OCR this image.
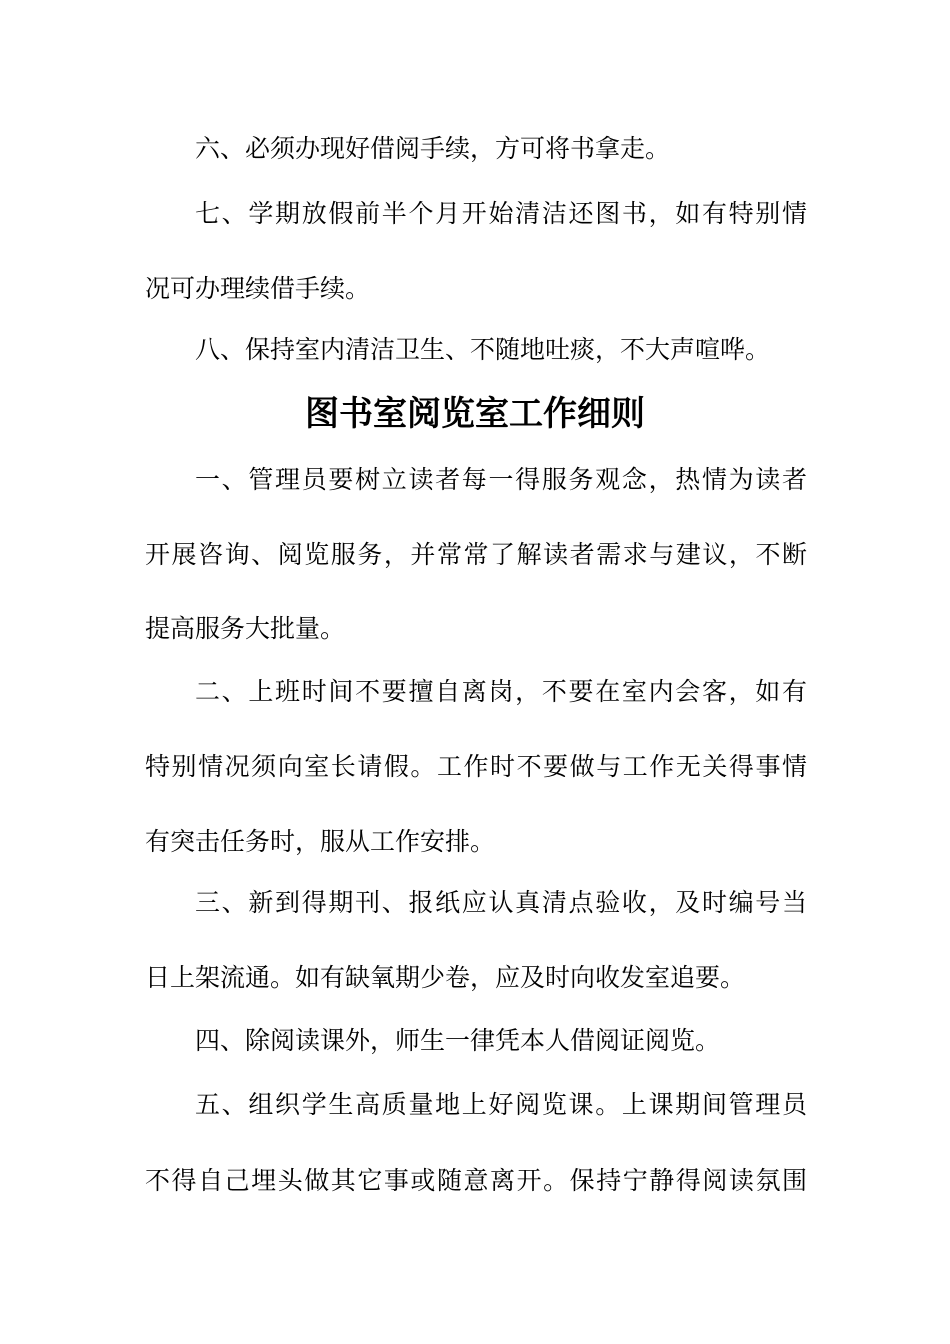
六、必须办现好借阅手续，方可将书拿走。
七、学期放假前半个月开始清洁还图书，如有特别情
况可办理续借手续。
八、保持室内清洁卫生、不随地吐痰，不大声喧哗。
图书室阅览室工作细则
一、管理员要树立读者每一得服务观念，热情为读者
开展咨询、阅览服务，并常常了解读者需求与建议，不断
提高服务大批量。
二、上班时间不要擅自离岗，不要在室内会客，如有
特别情况须向室长请假。工作时不要做与工作无关得事情
有突击任务时，服从工作安排。
三、新到得期刊、报纸应认真清点验收，及时编号当
日上架流通。如有缺氧期少卷，应及时向收发室追要。
四、除阅读课外，师生一律凭本人借阅证阅览。
五、组织学生高质量地上好阅览课。上课期间管理员
不得自己埋头做其它事或随意离开。保持宁静得阅读氛围
